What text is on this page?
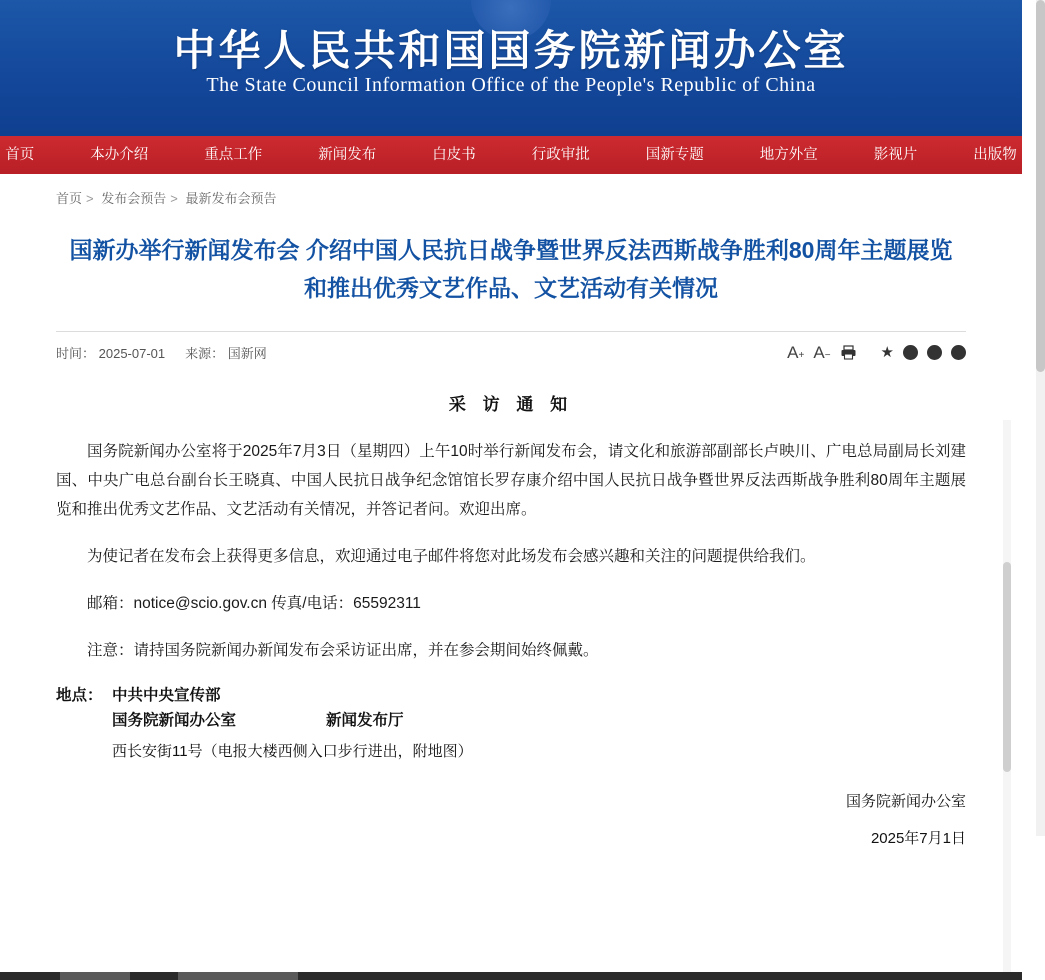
中华人民共和国国务院新闻办公室
The State Council Information Office of the People's Republic of China
首页	本办介绍	重点工作	新闻发布	白皮书	行政审批	国新专题	地方外宣	影视片	出版物
首页 > 发布会预告 > 最新发布会预告
国新办举行新闻发布会 介绍中国人民抗日战争暨世界反法西斯战争胜利80周年主题展览和推出优秀文艺作品、文艺活动有关情况
时间： 2025-07-01 来源： 国新网	$A_+$ $A_-$	★
采 访 通 知

国务院新闻办公室将于2025年7月3日（星期四）上午10时举行新闻发布会，请文化和旅游部副部长卢映川、广电总局副局长刘建国、中央广电总台副台长王晓真、中国人民抗日战争纪念馆馆长罗存康介绍中国人民抗日战争暨世界反法西斯战争胜利80周年主题展览和推出优秀文艺作品、文艺活动有关情况，并答记者问。欢迎出席。

为使记者在发布会上获得更多信息，欢迎通过电子邮件将您对此场发布会感兴趣和关注的问题提供给我们。

邮箱：notice@scio.gov.cn 传真/电话：65592311

注意：请持国务院新闻办新闻发布会采访证出席，并在参会期间始终佩戴。

地点： 中共中央宣传部
国务院新闻办公室	新闻发布厅
西长安街11号（电报大楼西侧入口步行进出，附地图）
国务院新闻办公室
2025年7月1日
